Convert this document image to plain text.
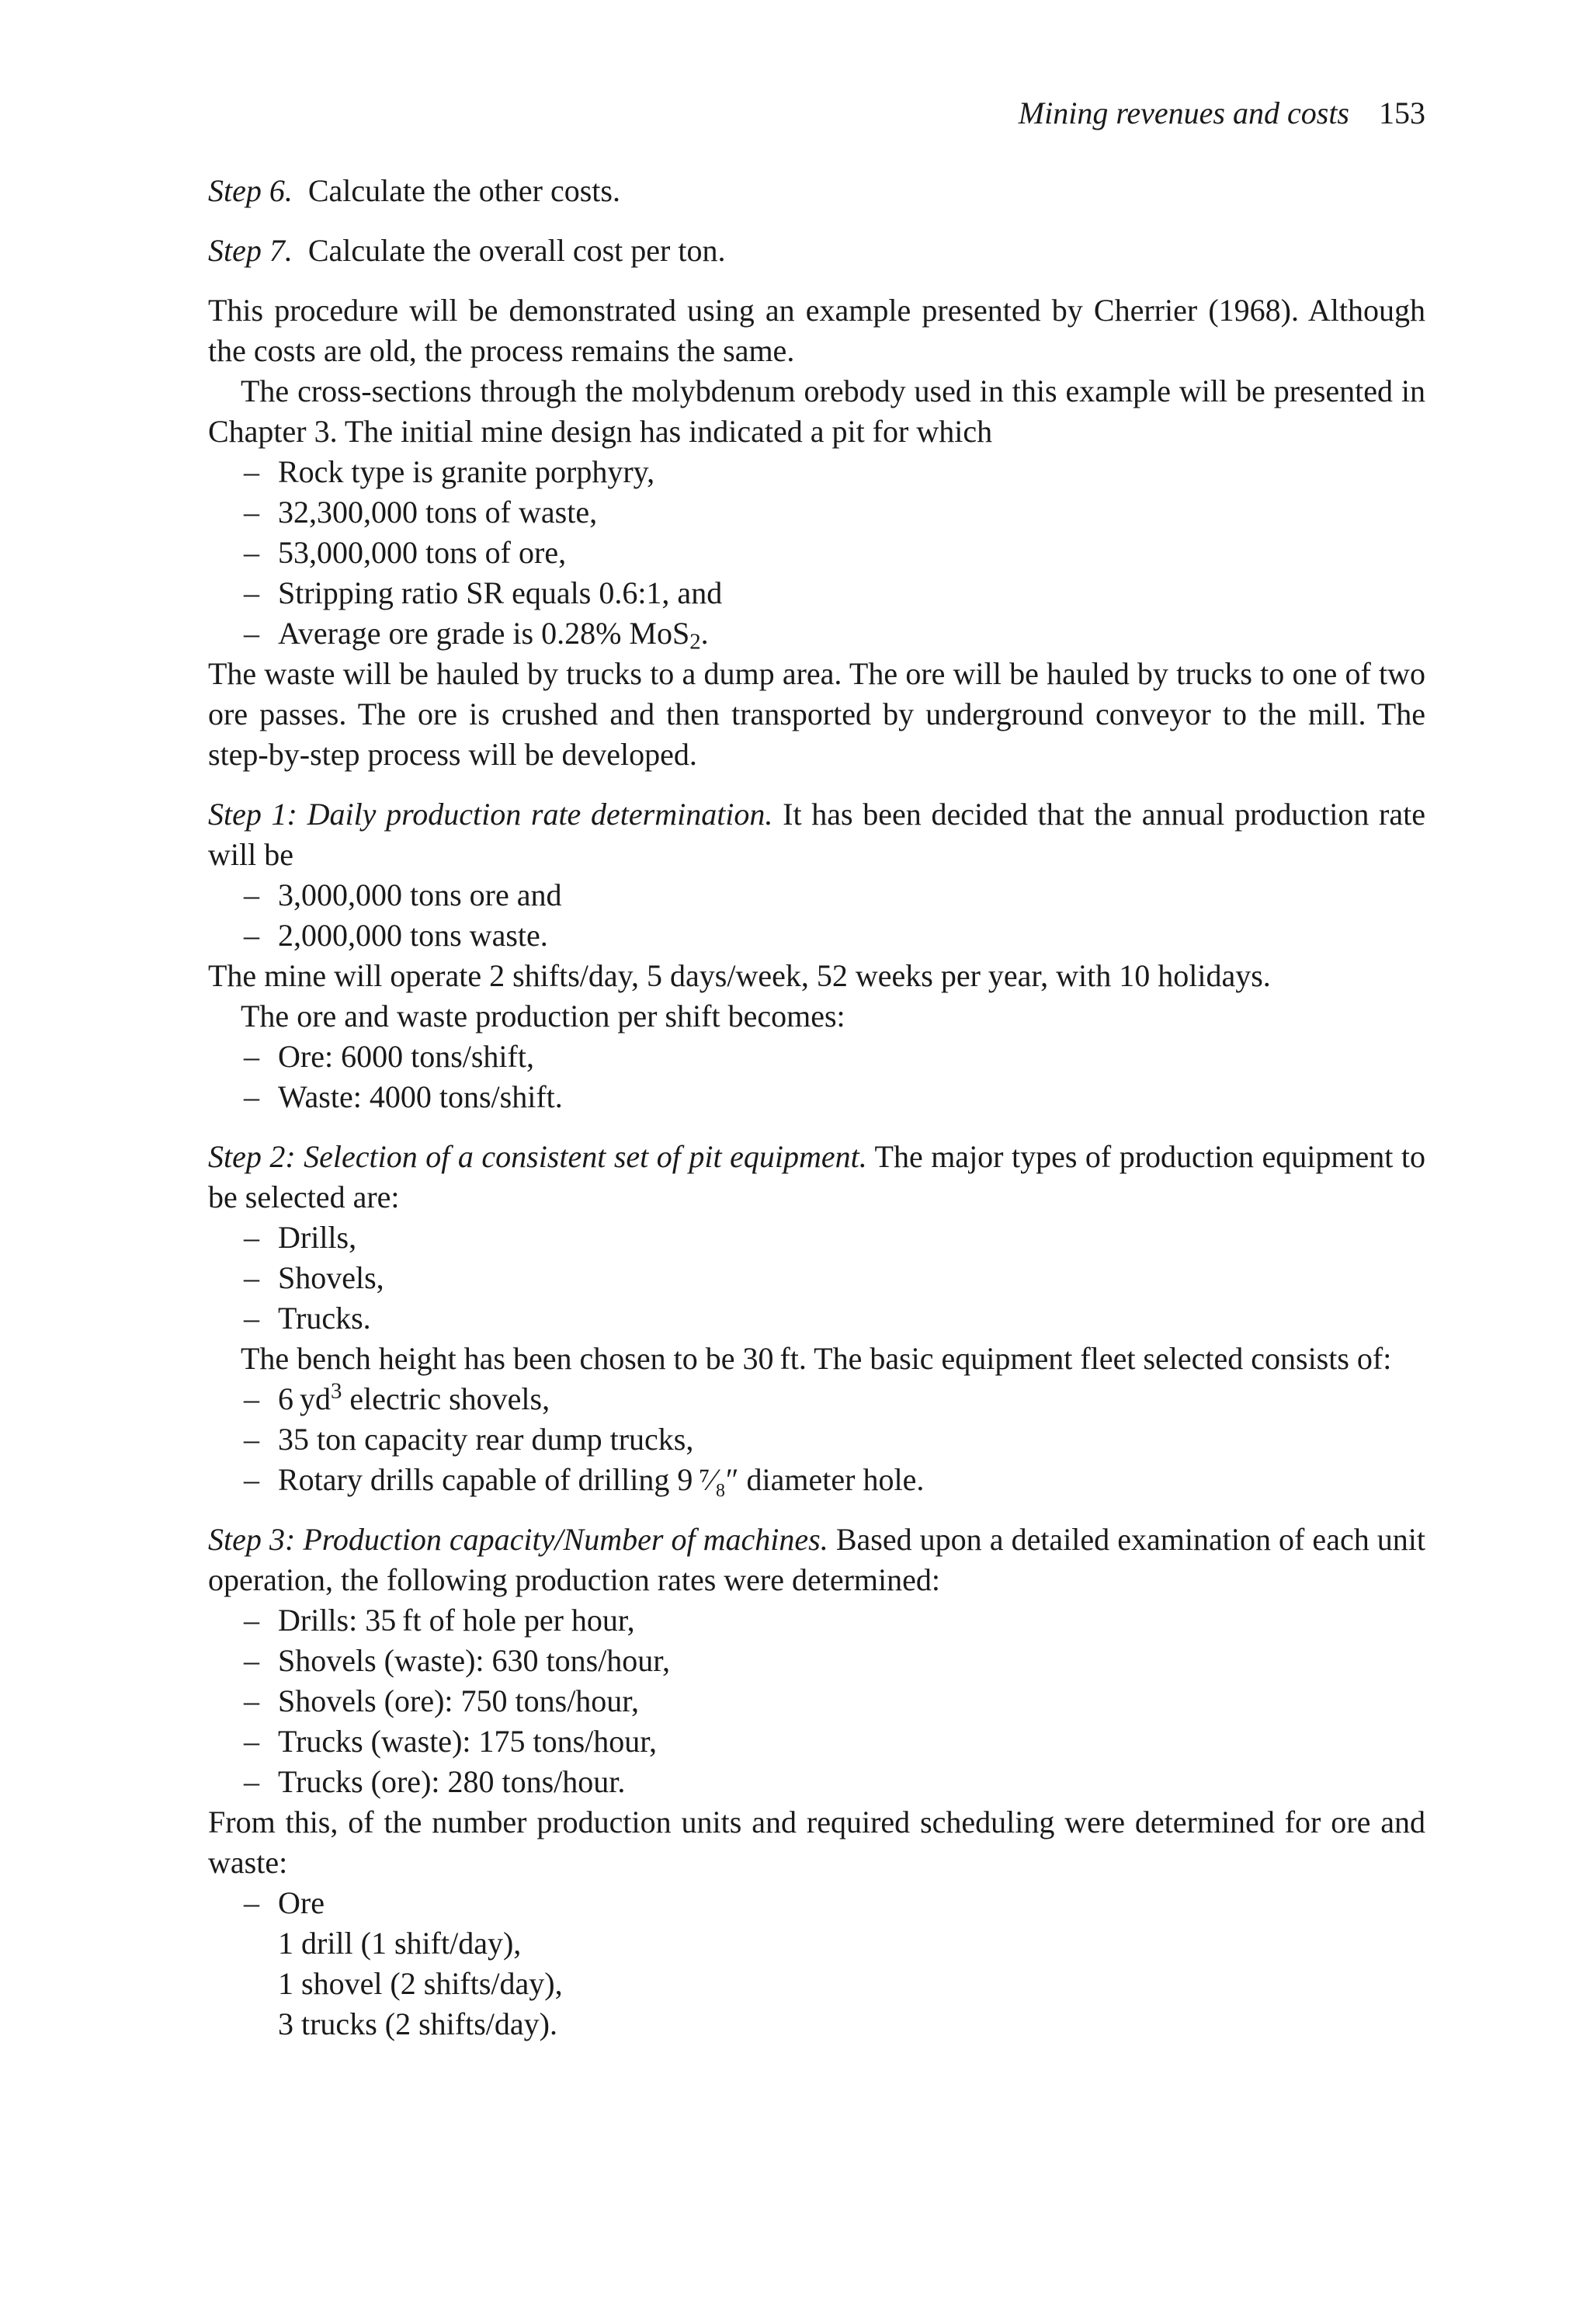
Mining revenues and costs 153

Step 6. Calculate the other costs.

Step 7. Calculate the overall cost per ton.

This procedure will be demonstrated using an example presented by Cherrier (1968). Although the costs are old, the process remains the same.

The cross-sections through the molybdenum orebody used in this example will be presented in Chapter 3. The initial mine design has indicated a pit for which

– Rock type is granite porphyry,
– 32,300,000 tons of waste,
– 53,000,000 tons of ore,
– Stripping ratio SR equals 0.6:1, and
– Average ore grade is 0.28% MoS$_2$.

The waste will be hauled by trucks to a dump area. The ore will be hauled by trucks to one of two ore passes. The ore is crushed and then transported by underground conveyor to the mill. The step-by-step process will be developed.

Step 1: Daily production rate determination. It has been decided that the annual production rate will be

– 3,000,000 tons ore and
– 2,000,000 tons waste.

The mine will operate 2 shifts/day, 5 days/week, 52 weeks per year, with 10 holidays.

The ore and waste production per shift becomes:

– Ore: 6000 tons/shift,
– Waste: 4000 tons/shift.

Step 2: Selection of a consistent set of pit equipment. The major types of production equipment to be selected are:

– Drills,
– Shovels,
– Trucks.

The bench height has been chosen to be 30 ft. The basic equipment fleet selected consists of:

– 6 $yd^3$ electric shovels,
– 35 ton capacity rear dump trucks,
– Rotary drills capable of drilling 9 ⁷⁄₈″ diameter hole.

Step 3: Production capacity/Number of machines. Based upon a detailed examination of each unit operation, the following production rates were determined:

– Drills: 35 ft of hole per hour,
– Shovels (waste): 630 tons/hour,
– Shovels (ore): 750 tons/hour,
– Trucks (waste): 175 tons/hour,
– Trucks (ore): 280 tons/hour.

From this, of the number production units and required scheduling were determined for ore and waste:

– Ore
1 drill (1 shift/day),
1 shovel (2 shifts/day),
3 trucks (2 shifts/day).
